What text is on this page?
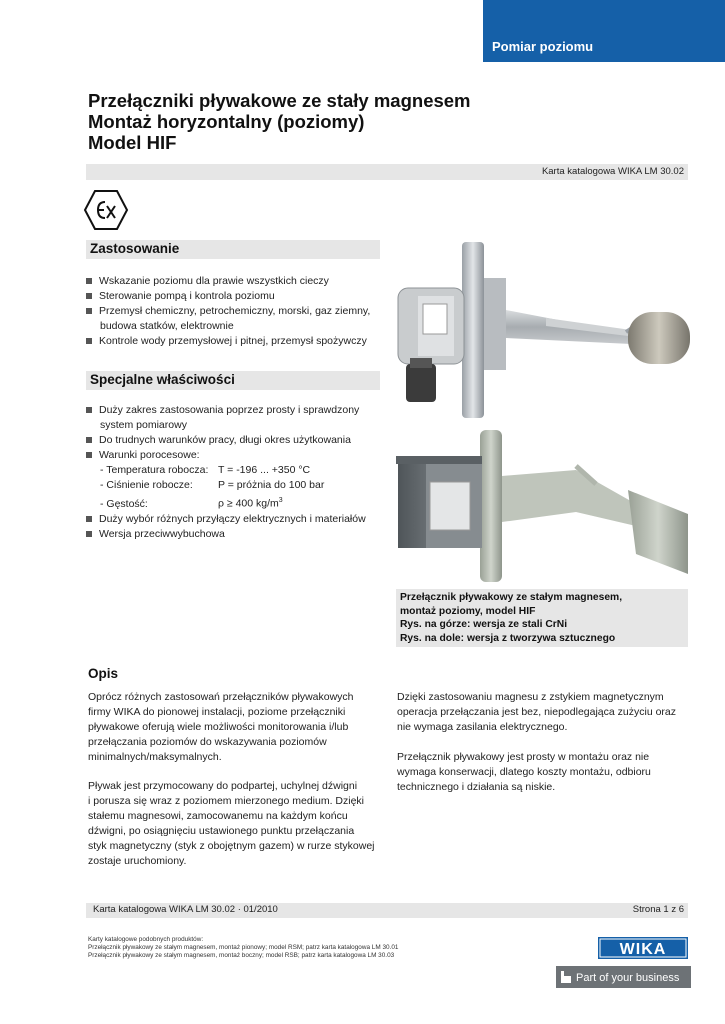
Pomiar poziomu
Przełączniki pływakowe ze stały magnesem
Montaż horyzontalny (poziomy)
Model HIF
Karta katalogowa WIKA LM 30.02
Zastosowanie
Wskazanie poziomu dla prawie wszystkich cieczy
Sterowanie pompą i kontrola poziomu
Przemysł chemiczny, petrochemiczny, morski, gaz ziemny,
budowa statków, elektrownie
Kontrole wody przemysłowej i pitnej, przemysł spożywczy
Specjalne właściwości
Duży zakres zastosowania poprzez prosty i sprawdzony
system pomiarowy
Do trudnych warunków pracy, długi okres użytkowania
Warunki porocesowe:
- Temperatura robocza: T = -196 ... +350 °C
- Ciśnienie robocze: P = próżnia do 100 bar
- Gęstość:	ρ ≥ 400 $kg/m^3$
Duży wybór różnych przyłączy elektrycznych i materiałów
Wersja przeciwwybuchowa
Przełącznik pływakowy ze stałym magnesem,
montaż poziomy, model HIF
Rys. na górze: wersja ze stali CrNi
Rys. na dole: wersja z tworzywa sztucznego
Opis
Oprócz różnych zastosowań przełączników pływakowych
firmy WIKA do pionowej instalacji, poziome przełączniki
pływakowe oferują wiele możliwości monitorowania i/lub
przełączania poziomów do wskazywania poziomów
minimalnych/maksymalnych.
Pływak jest przymocowany do podpartej, uchylnej dźwigni
i porusza się wraz z poziomem mierzonego medium. Dzięki
stałemu magnesowi, zamocowanemu na każdym końcu
dźwigni, po osiągnięciu ustawionego punktu przełączania
styk magnetyczny (styk z obojętnym gazem) w rurze stykowej
zostaje uruchomiony.
Dzięki zastosowaniu magnesu z zstykiem magnetycznym
operacja przełączania jest bez, niepodlegająca zużyciu oraz
nie wymaga zasilania elektrycznego.
Przełącznik pływakowy jest prosty w montażu oraz nie
wymaga konserwacji, dlatego koszty montażu, odbioru
technicznego i działania są niskie.
Karta katalogowa WIKA LM 30.02 · 01/2010	Strona 1 z 6
Karty katalogowe podobnych produktów:
Przełącznik pływakowy ze stałym magnesem, montaż pionowy; model RSM; patrz karta katalogowa LM 30.01
Przełącznik pływakowy ze stałym magnesem, montaż boczny; model RSB; patrz karta katalogowa LM 30.03	WIKA
Part of your business
